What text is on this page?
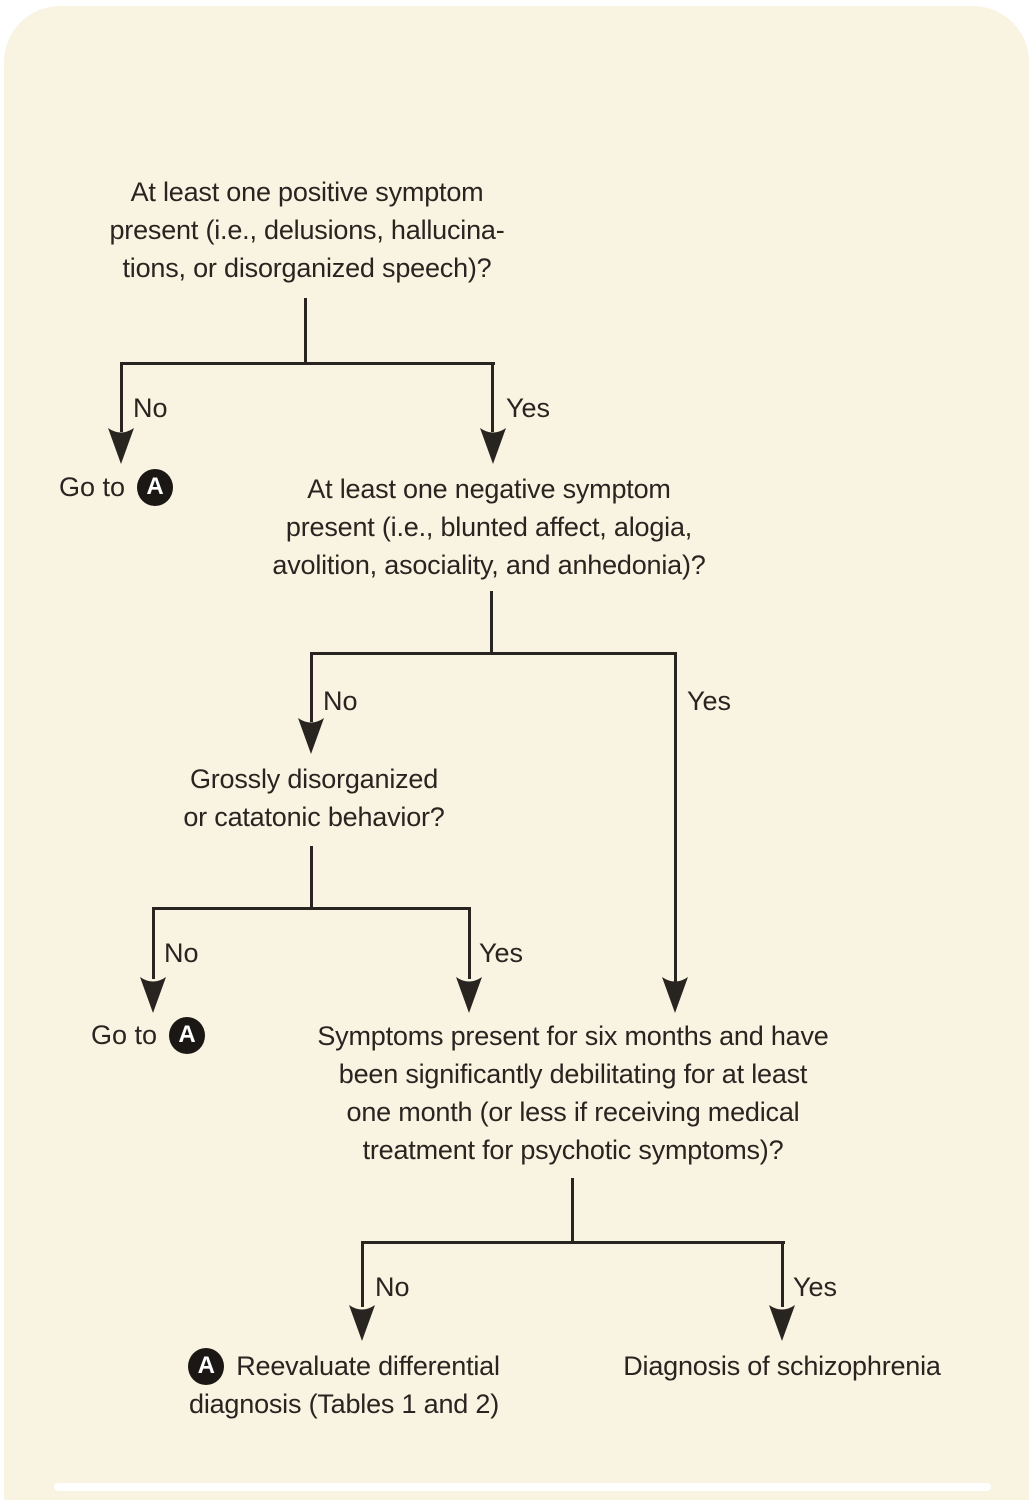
At least one positive symptom
present (i.e., delusions, hallucina-
tions, or disorganized speech)?
No	Yes
Go to A	At least one negative symptom
present (i.e., blunted affect, alogia,
avolition, asociality, and anhedonia)?
No	Yes
Grossly disorganized
or catatonic behavior?
No	Yes
Go to A	Symptoms present for six months and have
been significantly debilitating for at least
one month (or less if receiving medical
treatment for psychotic symptoms)?
No	Yes
A Reevaluate differential
diagnosis (Tables 1 and 2)
Diagnosis of schizophrenia
